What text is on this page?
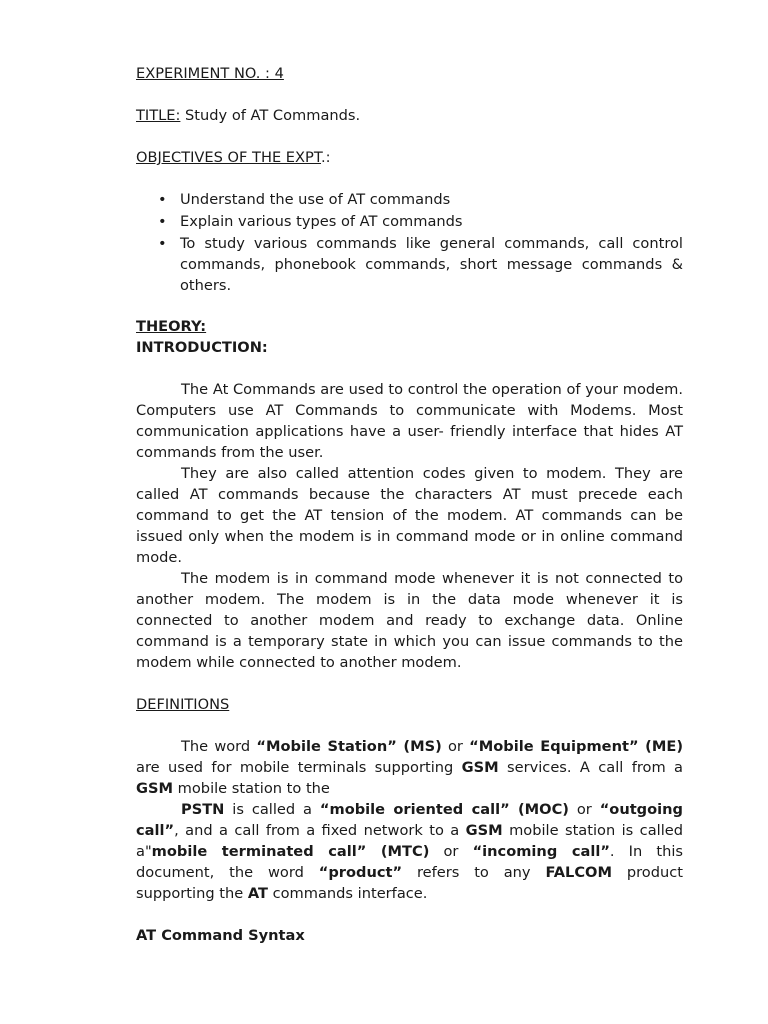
EXPERIMENT NO. : 4

TITLE: Study of AT Commands.

OBJECTIVES OF THE EXPT.:

• Understand the use of AT commands
• Explain various types of AT commands
• To study various commands like general commands, call control commands, phonebook commands, short message commands & others.

THEORY:

INTRODUCTION:

The At Commands are used to control the operation of your modem. Computers use AT Commands to communicate with Modems. Most communication applications have a user- friendly interface that hides AT commands from the user.

They are also called attention codes given to modem. They are called AT commands because the characters AT must precede each command to get the AT tension of the modem. AT commands can be issued only when the modem is in command mode or in online command mode.

The modem is in command mode whenever it is not connected to another modem. The modem is in the data mode whenever it is connected to another modem and ready to exchange data. Online command is a temporary state in which you can issue commands to the modem while connected to another modem.

DEFINITIONS

The word “Mobile Station” (MS) or “Mobile Equipment” (ME) are used for mobile terminals supporting GSM services. A call from a GSM mobile station to the

PSTN is called a “mobile oriented call” (MOC) or “outgoing call”, and a call from a fixed network to a GSM mobile station is called a"mobile terminated call” (MTC) or “incoming call”. In this document, the word “product” refers to any FALCOM product supporting the AT commands interface.

AT Command Syntax
